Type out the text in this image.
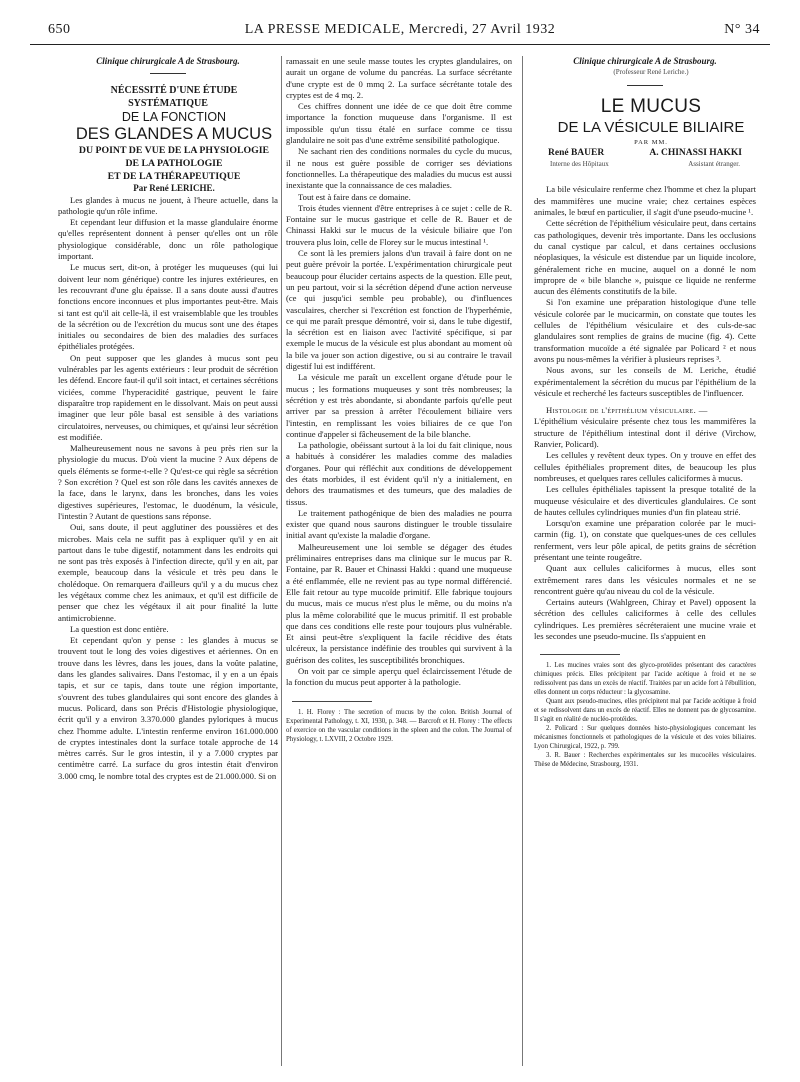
650	LA PRESSE MEDICALE, Mercredi, 27 Avril 1932	N° 34

Clinique chirurgicale A de Strasbourg.

NÉCESSITÉ D'UNE ÉTUDE SYSTÉMATIQUE

DE LA FONCTION

DES GLANDES A MUCUS

DU POINT DE VUE DE LA PHYSIOLOGIE

DE LA PATHOLOGIE

ET DE LA THÉRAPEUTIQUE

Par René LERICHE.

Les glandes à mucus ne jouent, à l'heure actuelle, dans la pathologie qu'un rôle infime.

Et cependant leur diffusion et la masse glandulaire énorme qu'elles représentent donnent à penser qu'elles ont un rôle physiologique considérable, donc un rôle pathologique important.

Le mucus sert, dit-on, à protéger les muqueuses (qui lui doivent leur nom générique) contre les injures extérieures, en les recouvrant d'une glu épaisse. Il a sans doute aussi d'autres fonctions encore inconnues et plus importantes peut-être. Mais si tant est qu'il ait celle-là, il est vraisemblable que les troubles de la sécrétion ou de l'excrétion du mucus sont une des étapes initiales ou secondaires de bien des maladies des surfaces épithéliales protégées.

On peut supposer que les glandes à mucus sont peu vulnérables par les agents extérieurs : leur produit de sécrétion les défend. Encore faut-il qu'il soit intact, et certaines sécrétions viciées, comme l'hyperacidité gastrique, peuvent le faire disparaître trop rapidement en le dissolvant. Mais on peut aussi imaginer que leur pôle basal est sensible à des variations circulatoires, nerveuses, ou chimiques, et qu'ainsi leur sécrétion est modifiée.

Malheureusement nous ne savons à peu près rien sur la physiologie du mucus. D'où vient la mucine ? Aux dépens de quels éléments se forme-t-elle ? Qu'est-ce qui règle sa sécrétion ? Son excrétion ? Quel est son rôle dans les cavités annexes de la face, dans le larynx, dans les bronches, dans les voies digestives supérieures, l'estomac, le duodénum, la vésicule, l'intestin ? Autant de questions sans réponse.

Oui, sans doute, il peut agglutiner des poussières et des microbes. Mais cela ne suffit pas à expliquer qu'il y en ait partout dans le tube digestif, notamment dans les endroits qui ne sont pas très exposés à l'infection directe, qu'il y en ait, par exemple, beaucoup dans la vésicule et très peu dans le cholédoque. On remarquera d'ailleurs qu'il y a du mucus chez les végétaux comme chez les animaux, et qu'il est difficile de penser que chez les végétaux il ait pour finalité la lutte antimicrobienne.

La question est donc entière.

Et cependant qu'on y pense : les glandes à mucus se trouvent tout le long des voies digestives et aériennes. On en trouve dans les lèvres, dans les joues, dans la voûte palatine, dans les glandes salivaires. Dans l'estomac, il y en a un épais tapis, et sur ce tapis, dans toute une région importante, s'ouvrent des tubes glandulaires qui sont encore des glandes à mucus. Policard, dans son Précis d'Histologie physiologique, écrit qu'il y a environ 3.370.000 glandes pyloriques à mucus chez l'homme adulte. L'intestin renferme environ 161.000.000 de cryptes intestinales dont la surface totale approche de 14 mètres carrés. Sur le gros intestin, il y a 7.000 cryptes par centimètre carré. La surface du gros intestin était d'environ 3.000 cmq, le nombre total des cryptes est de 21.000.000. Si on

ramassait en une seule masse toutes les cryptes glandulaires, on aurait un organe de volume du pancréas. La surface sécrétante d'une crypte est de 0 mmq 2. La surface sécrétante totale des cryptes est de 4 mq. 2.

Ces chiffres donnent une idée de ce que doit être comme importance la fonction muqueuse dans l'organisme. Il est impossible qu'un tissu étalé en surface comme ce tissu glandulaire ne soit pas d'une extrême sensibilité pathologique.

Ne sachant rien des conditions normales du cycle du mucus, il ne nous est guère possible de corriger ses déviations fonctionnelles. La thérapeutique des maladies du mucus est aussi inexistante que la connaissance de ces maladies.

Tout est à faire dans ce domaine.

Trois études viennent d'être entreprises à ce sujet : celle de R. Fontaine sur le mucus gastrique et celle de R. Bauer et de Chinassi Hakki sur le mucus de la vésicule biliaire que l'on trouvera plus loin, celle de Florey sur le mucus intestinal ¹.

Ce sont là les premiers jalons d'un travail à faire dont on ne peut guère prévoir la portée. L'expérimentation chirurgicale peut beaucoup pour élucider certains aspects de la question. Elle peut, un peu partout, voir si la sécrétion dépend d'une action nerveuse (ce qui jusqu'ici semble peu probable), ou d'influences vasculaires, chercher si l'excrétion est fonction de l'hyperhémie, ce qui me paraît presque démontré, voir si, dans le tube digestif, la sécrétion est en liaison avec l'activité spécifique, si par exemple le mucus de la vésicule est plus abondant au moment où la bile va jouer son action digestive, ou si au contraire le travail digestif lui est indifférent.

La vésicule me paraît un excellent organe d'étude pour le mucus ; les formations muqueuses y sont très nombreuses; la sécrétion y est très abondante, si abondante parfois qu'elle peut arriver par sa pression à arrêter l'écoulement biliaire vers l'intestin, en remplissant les voies biliaires de ce que l'on continue d'appeler si fâcheusement de la bile blanche.

La pathologie, obéissant surtout à la loi du fait clinique, nous a habitués à considérer les maladies comme des maladies d'organes. Pour qui réfléchit aux conditions de développement des états morbides, il est évident qu'il n'y a initialement, en dehors des traumatismes et des tumeurs, que des maladies de tissus.

Le traitement pathogénique de bien des maladies ne pourra exister que quand nous saurons distinguer le trouble tissulaire initial avant qu'existe la maladie d'organe.

Malheureusement une loi semble se dégager des études préliminaires entreprises dans ma clinique sur le mucus par R. Fontaine, par R. Bauer et Chinassi Hakki : quand une muqueuse a été enflammée, elle ne revient pas au type normal différencié. Elle fait retour au type mucoïde primitif. Elle fabrique toujours du mucus, mais ce mucus n'est plus le même, ou du moins n'a plus la même colorabilité que le mucus primitif. Il est probable que dans ces conditions elle reste pour toujours plus vulnérable. Et ainsi peut-être s'expliquent la facile récidive des états ulcéreux, la persistance indéfinie des troubles qui survivent à la guérison des colites, les susceptibilités bronchiques.

On voit par ce simple aperçu quel éclaircissement l'étude de la fonction du mucus peut apporter à la pathologie.

1. H. Florey : The secretion of mucus by the colon. British Journal of Experimental Pathology, t. XI, 1930, p. 348. — Barcroft et H. Florey : The effects of exercice on the vascular conditions in the spleen and the colon. The Journal of Physiology, t. LXVIII, 2 Octobre 1929.

Clinique chirurgicale A de Strasbourg.

(Professeur René Leriche.)

LE MUCUS

DE LA VÉSICULE BILIAIRE

PAR MM.

René BAUER	A. CHINASSI HAKKI
Interne des Hôpitaux	Assistant étranger.

La bile vésiculaire renferme chez l'homme et chez la plupart des mammifères une mucine vraie; chez certaines espèces animales, le bœuf en particulier, il s'agit d'une pseudo-mucine ¹.

Cette sécrétion de l'épithélium vésiculaire peut, dans certains cas pathologiques, devenir très importante. Dans les occlusions du canal cystique par calcul, et dans certaines occlusions néoplasiques, la vésicule est distendue par un liquide incolore, généralement riche en mucine, auquel on a donné le nom impropre de « bile blanche », puisque ce liquide ne renferme aucun des éléments constitutifs de la bile.

Si l'on examine une préparation histologique d'une telle vésicule colorée par le mucicarmin, on constate que toutes les cellules de l'épithélium vésiculaire et des culs-de-sac glandulaires sont remplies de grains de mucine (fig. 4). Cette transformation mucoïde a été signalée par Policard ² et nous avons pu nous-mêmes la vérifier à plusieurs reprises ³.

Nous avons, sur les conseils de M. Leriche, étudié expérimentalement la sécrétion du mucus par l'épithélium de la vésicule et recherché les facteurs susceptibles de l'influencer.

Histologie de l'épithélium vésiculaire. —

L'épithélium vésiculaire présente chez tous les mammifères la structure de l'épithélium intestinal dont il dérive (Virchow, Ranvier, Policard).

Les cellules y revêtent deux types. On y trouve en effet des cellules épithéliales proprement dites, de beaucoup les plus nombreuses, et quelques rares cellules caliciformes à mucus.

Les cellules épithéliales tapissent la presque totalité de la muqueuse vésiculaire et des diverticules glandulaires. Ce sont de hautes cellules cylindriques munies d'un fin plateau strié.

Lorsqu'on examine une préparation colorée par le muci-carmin (fig. 1), on constate que quelques-unes de ces cellules renferment, vers leur pôle apical, de petits grains de sécrétion présentant une teinte rougeâtre.

Quant aux cellules caliciformes à mucus, elles sont extrêmement rares dans les vésicules normales et ne se rencontrent guère qu'au niveau du col de la vésicule.

Certains auteurs (Wahlgreen, Chiray et Pavel) opposent la sécrétion des cellules caliciformes à celle des cellules cylindriques. Les premières sécréteraient une mucine vraie et les secondes une pseudo-mucine. Ils s'appuient en

1. Les mucines vraies sont des glyco-protéides présentant des caractères chimiques précis. Elles précipitent par l'acide acétique à froid et ne se redissolvent pas dans un excès de réactif. Traitées par un acide fort à l'ébullition, elles donnent un corps réducteur : la glycosamine.

Quant aux pseudo-mucines, elles précipitent mal par l'acide acétique à froid et se redissolvent dans un excès de réactif. Elles ne donnent pas de glycosamine. Il s'agit en réalité de nucléo-protéides.

2. Policard : Sur quelques données histo-physiologiques concernant les mécanismes fonctionnels et pathologiques de la vésicule et des voies biliaires. Lyon Chirurgical, 1922, p. 799.

3. R. Bauer : Recherches expérimentales sur les mucocèles vésiculaires. Thèse de Médecine, Strasbourg, 1931.
